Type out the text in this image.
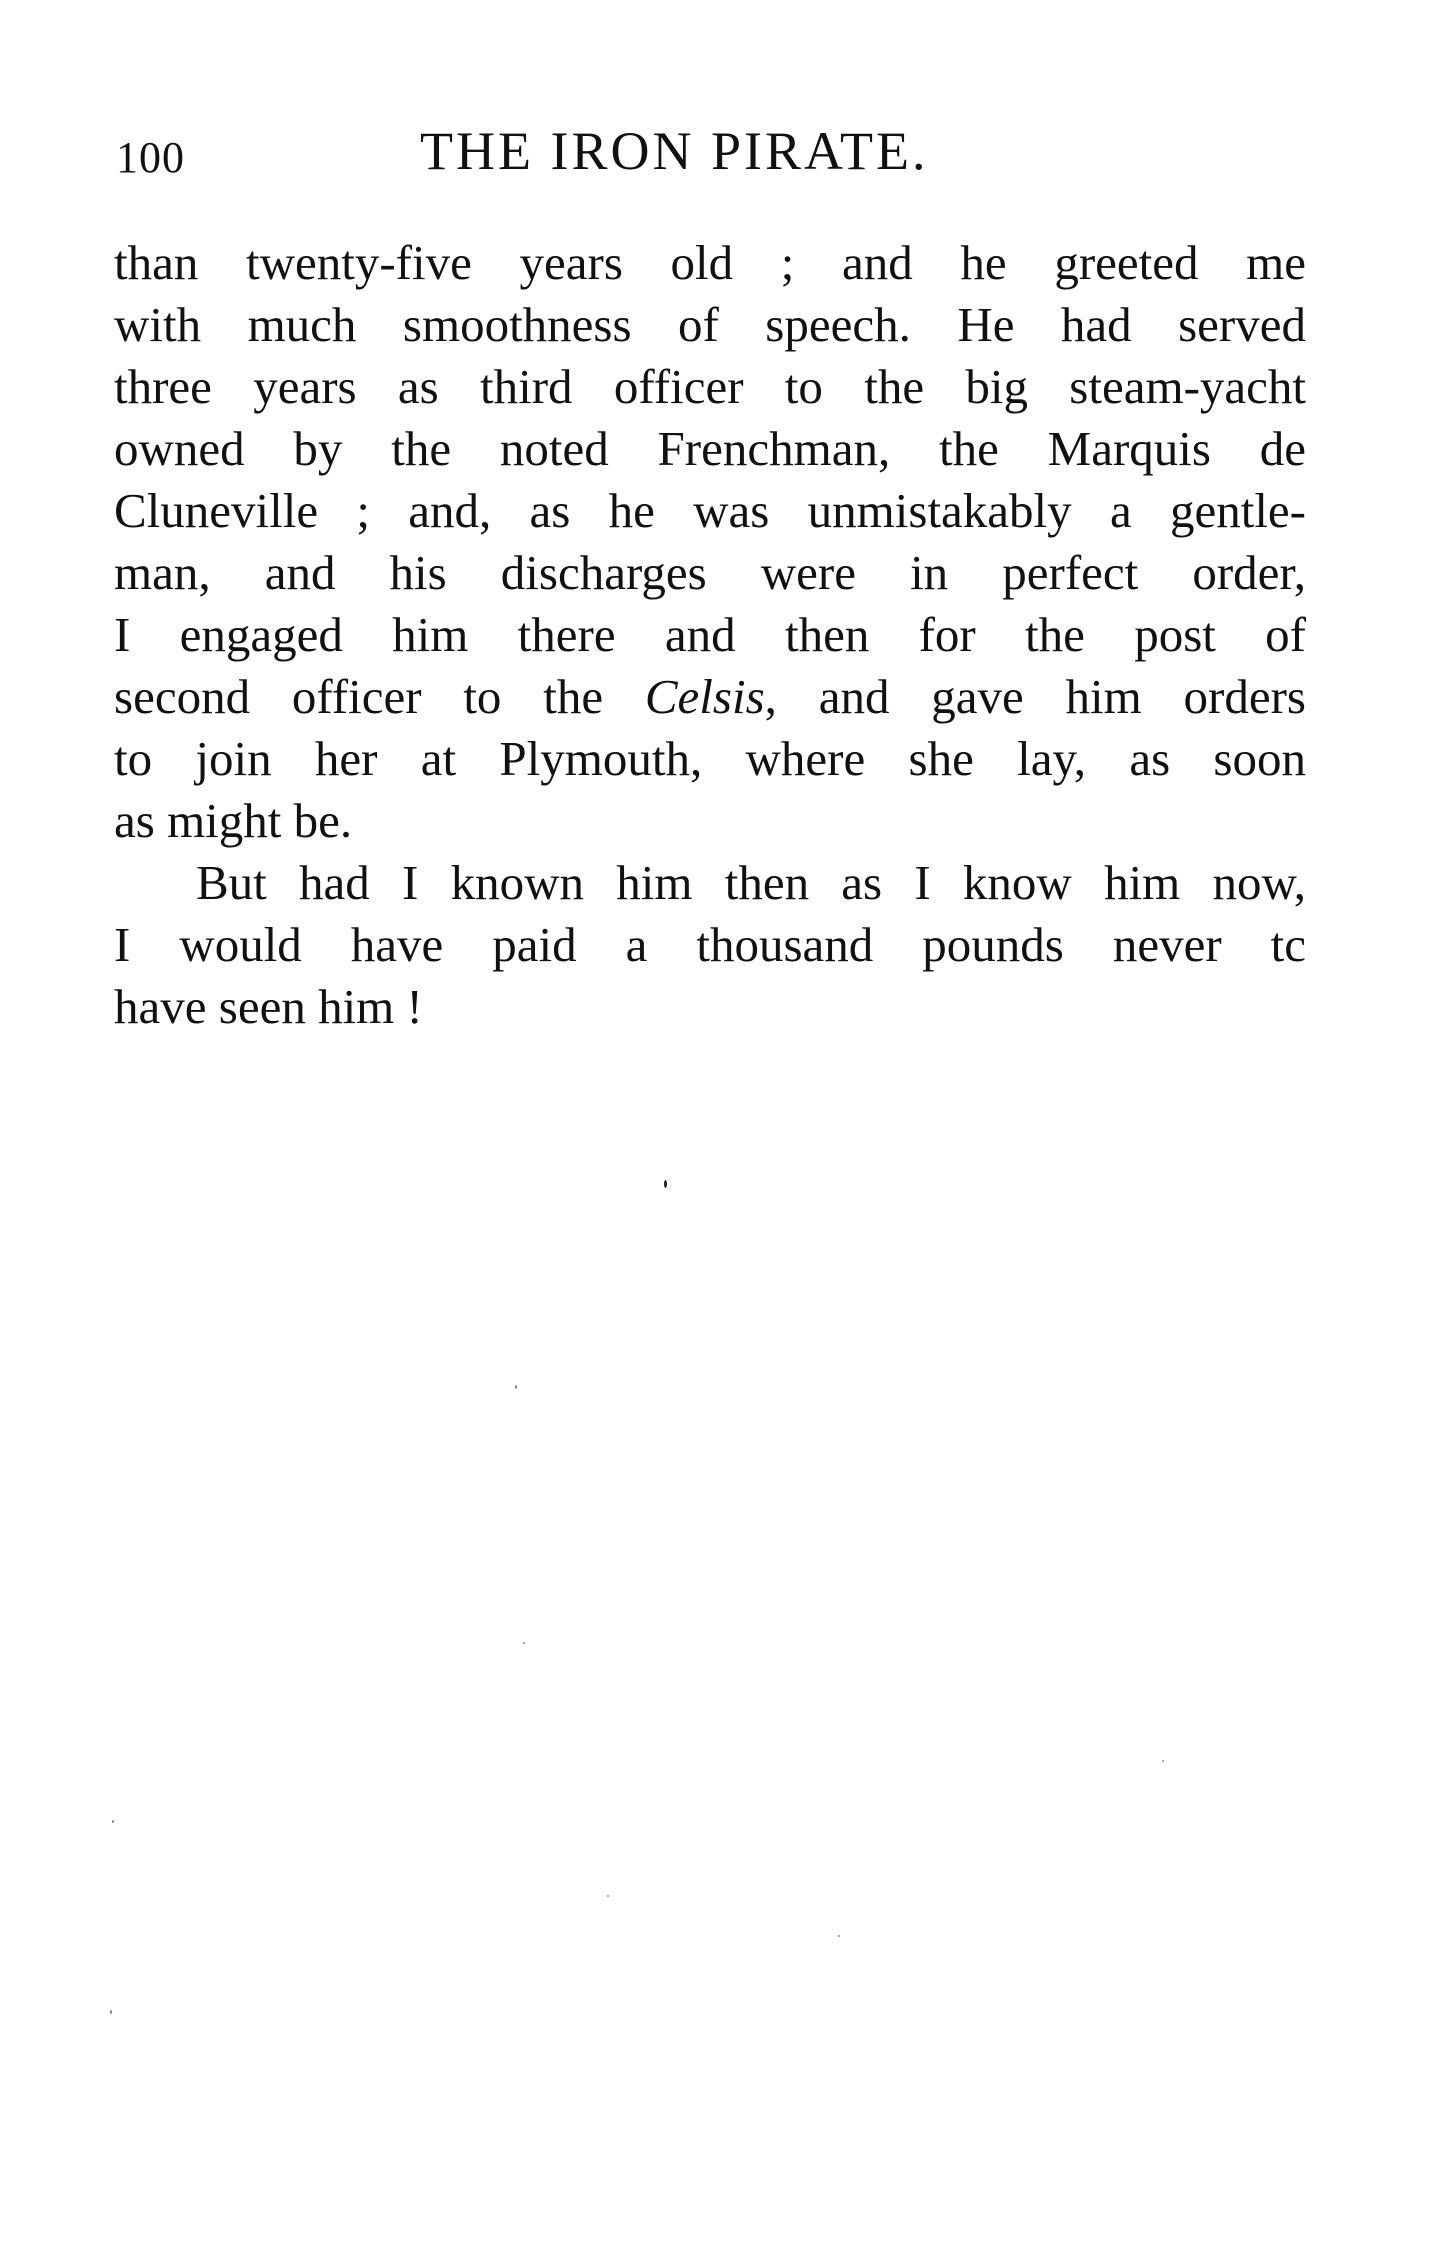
100	THE IRON PIRATE.
than twenty-five years old ; and he greeted me
with much smoothness of speech. He had served
three years as third officer to the big steam-yacht
owned by the noted Frenchman, the Marquis de
Cluneville ; and, as he was unmistakably a gentle-
man, and his discharges were in perfect order,
I engaged him there and then for the post of
second officer to the Celsis, and gave him orders
to join her at Plymouth, where she lay, as soon
as might be.
But had I known him then as I know him now,
I would have paid a thousand pounds never tc
have seen him !
